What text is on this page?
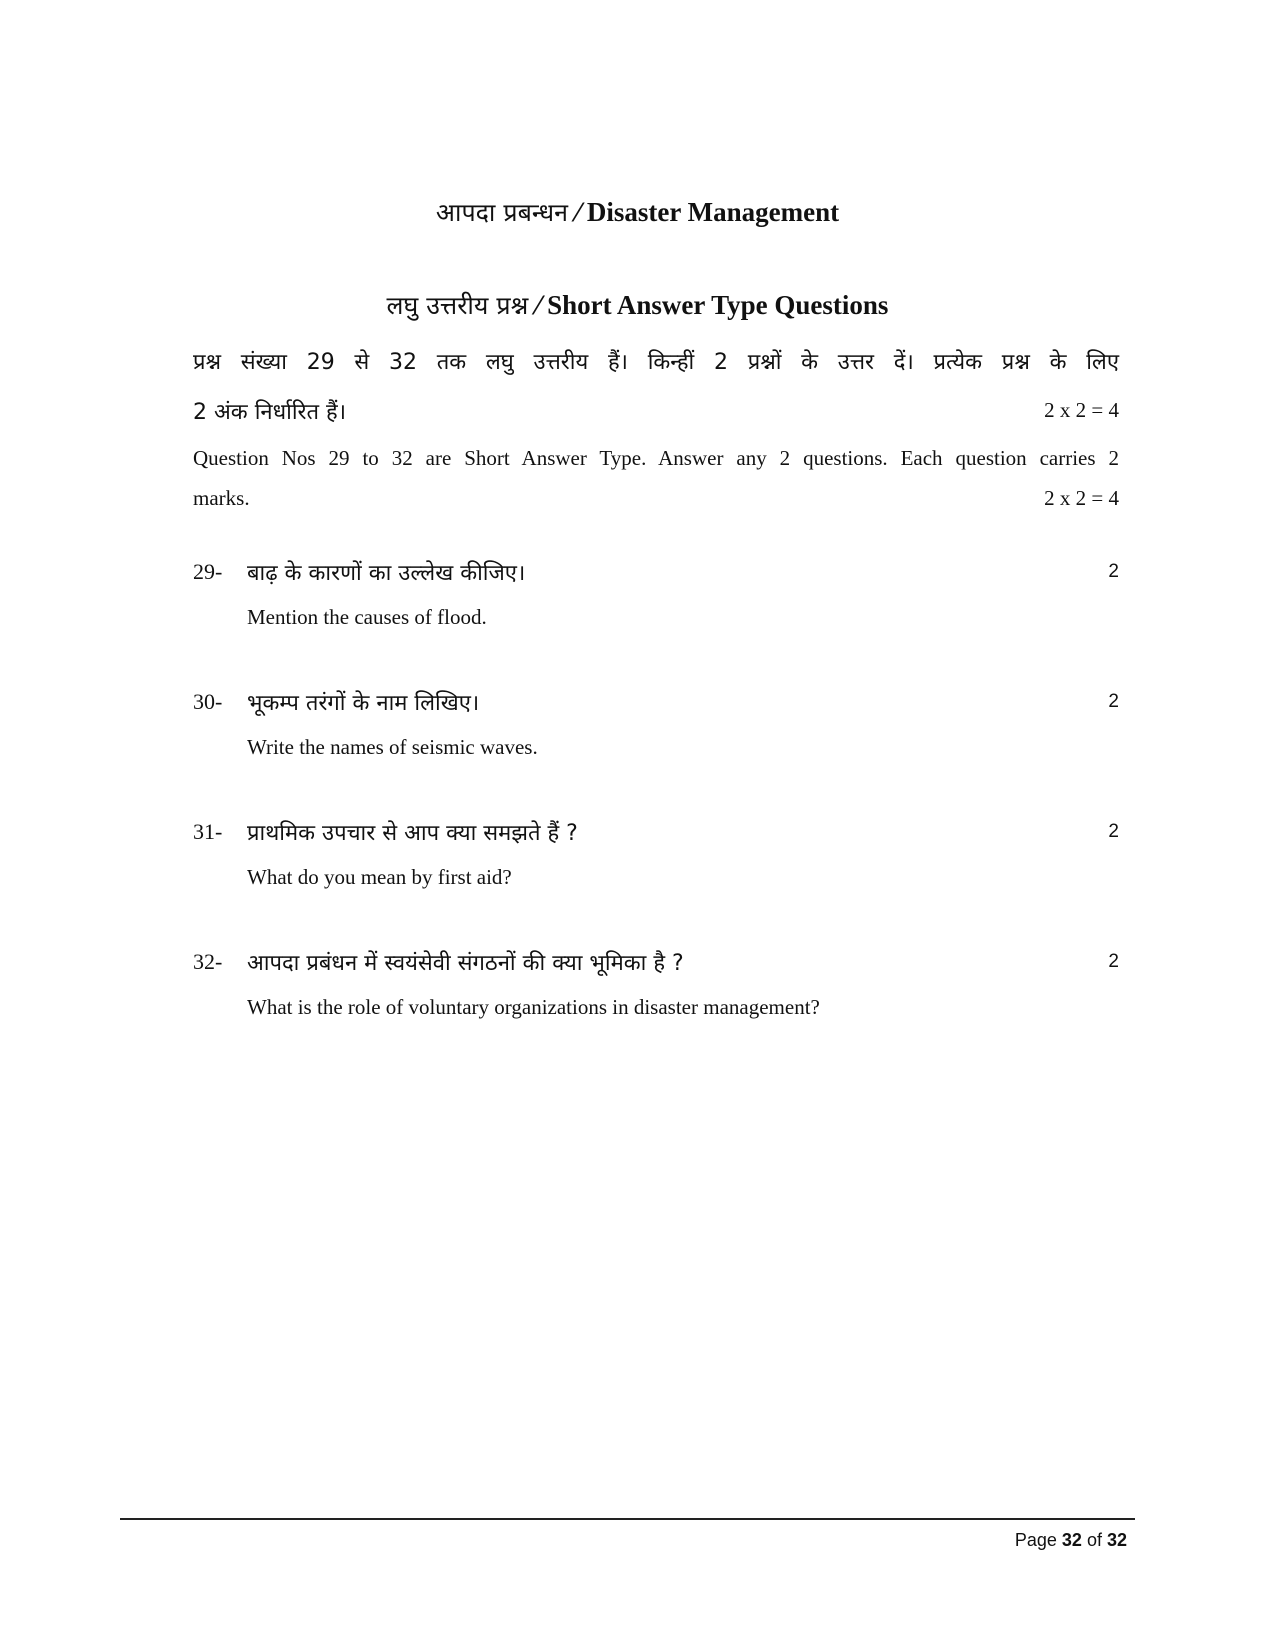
आपदा प्रबन्धन ⁄ Disaster Management
लघु उत्तरीय प्रश्न ⁄ Short Answer Type Questions
प्रश्न संख्या 29 से 32 तक लघु उत्तरीय हैं। किन्हीं 2 प्रश्नों के उत्तर दें। प्रत्येक प्रश्न के लिए
2 अंक निर्धारित हैं।	2 x 2 = 4
Question Nos 29 to 32 are Short Answer Type. Answer any 2 questions. Each question carries 2
marks.	2 x 2 = 4
29- बाढ़ के कारणों का उल्लेख कीजिए।	2
Mention the causes of flood.
30- भूकम्प तरंगों के नाम लिखिए।	2
Write the names of seismic waves.
31- प्राथमिक उपचार से आप क्या समझते हैं ?	2
What do you mean by first aid?
32- आपदा प्रबंधन में स्वयंसेवी संगठनों की क्या भूमिका है ?	2
What is the role of voluntary organizations in disaster management?
Page 32 of 32
